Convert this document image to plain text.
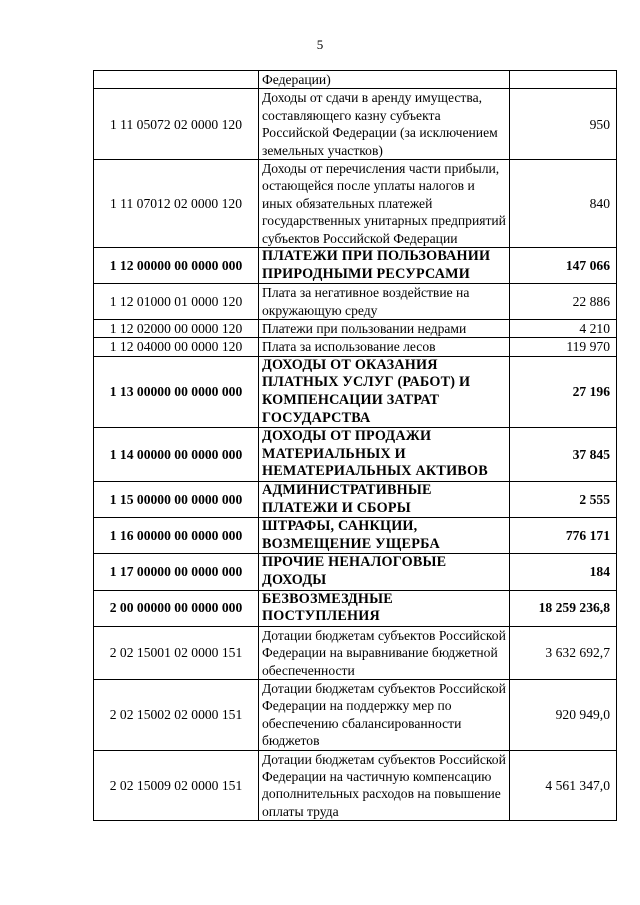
5
	Федерации)	
1 11 05072 02 0000 120	Доходы от сдачи в аренду имущества, составляющего казну субъекта Российской Федерации (за исключением земельных участков)	950
1 11 07012 02 0000 120	Доходы от перечисления части прибыли, остающейся после уплаты налогов и иных обязательных платежей государственных унитарных предприятий субъектов Российской Федерации	840
1 12 00000 00 0000 000	ПЛАТЕЖИ ПРИ ПОЛЬЗОВАНИИ ПРИРОДНЫМИ РЕСУРСАМИ	147 066
1 12 01000 01 0000 120	Плата за негативное воздействие на окружающую среду	22 886
1 12 02000 00 0000 120	Платежи при пользовании недрами	4 210
1 12 04000 00 0000 120	Плата за использование лесов	119 970
1 13 00000 00 0000 000	ДОХОДЫ ОТ ОКАЗАНИЯ ПЛАТНЫХ УСЛУГ (РАБОТ) И КОМПЕНСАЦИИ ЗАТРАТ ГОСУДАРСТВА	27 196
1 14 00000 00 0000 000	ДОХОДЫ ОТ ПРОДАЖИ МАТЕРИАЛЬНЫХ И НЕМАТЕРИАЛЬНЫХ АКТИВОВ	37 845
1 15 00000 00 0000 000	АДМИНИСТРАТИВНЫЕ ПЛАТЕЖИ И СБОРЫ	2 555
1 16 00000 00 0000 000	ШТРАФЫ, САНКЦИИ, ВОЗМЕЩЕНИЕ УЩЕРБА	776 171
1 17 00000 00 0000 000	ПРОЧИЕ НЕНАЛОГОВЫЕ ДОХОДЫ	184
2 00 00000 00 0000 000	БЕЗВОЗМЕЗДНЫЕ ПОСТУПЛЕНИЯ	18 259 236,8
2 02 15001 02 0000 151	Дотации бюджетам субъектов Российской Федерации на выравнивание бюджетной обеспеченности	3 632 692,7
2 02 15002 02 0000 151	Дотации бюджетам субъектов Российской Федерации на поддержку мер по обеспечению сбалансированности бюджетов	920 949,0
2 02 15009 02 0000 151	Дотации бюджетам субъектов Российской Федерации на частичную компенсацию дополнительных расходов на повышение оплаты труда	4 561 347,0
